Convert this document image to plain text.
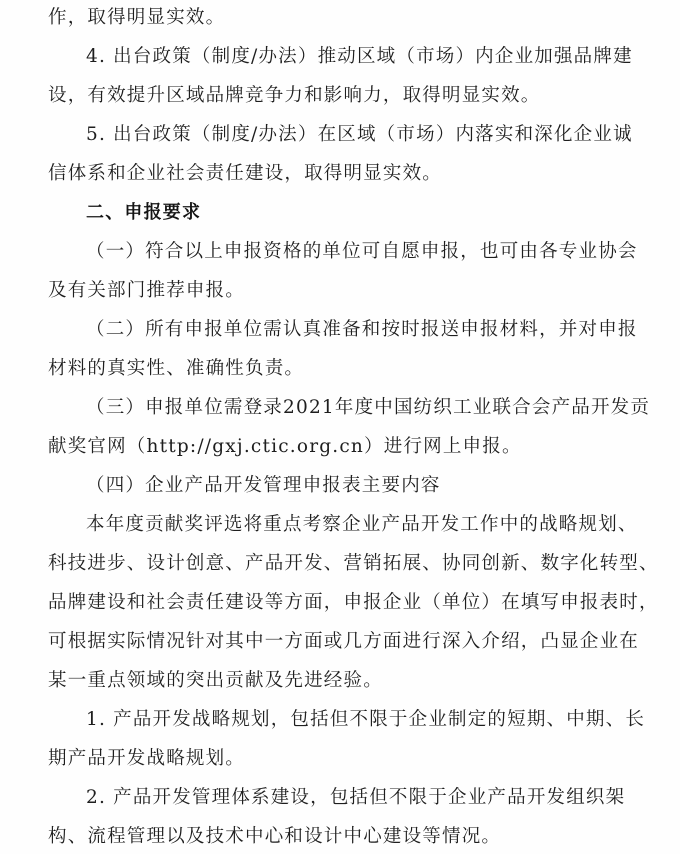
作，取得明显实效。
4. 出台政策（制度/办法）推动区域（市场）内企业加强品牌建
设，有效提升区域品牌竞争力和影响力，取得明显实效。
5. 出台政策（制度/办法）在区域（市场）内落实和深化企业诚
信体系和企业社会责任建设，取得明显实效。
二、申报要求
（一）符合以上申报资格的单位可自愿申报，也可由各专业协会
及有关部门推荐申报。
（二）所有申报单位需认真准备和按时报送申报材料，并对申报
材料的真实性、准确性负责。
（三）申报单位需登录2021年度中国纺织工业联合会产品开发贡
献奖官网（http://gxj.ctic.org.cn）进行网上申报。
（四）企业产品开发管理申报表主要内容
本年度贡献奖评选将重点考察企业产品开发工作中的战略规划、
科技进步、设计创意、产品开发、营销拓展、协同创新、数字化转型、
品牌建设和社会责任建设等方面，申报企业（单位）在填写申报表时，
可根据实际情况针对其中一方面或几方面进行深入介绍，凸显企业在
某一重点领域的突出贡献及先进经验。
1. 产品开发战略规划，包括但不限于企业制定的短期、中期、长
期产品开发战略规划。
2. 产品开发管理体系建设，包括但不限于企业产品开发组织架
构、流程管理以及技术中心和设计中心建设等情况。
